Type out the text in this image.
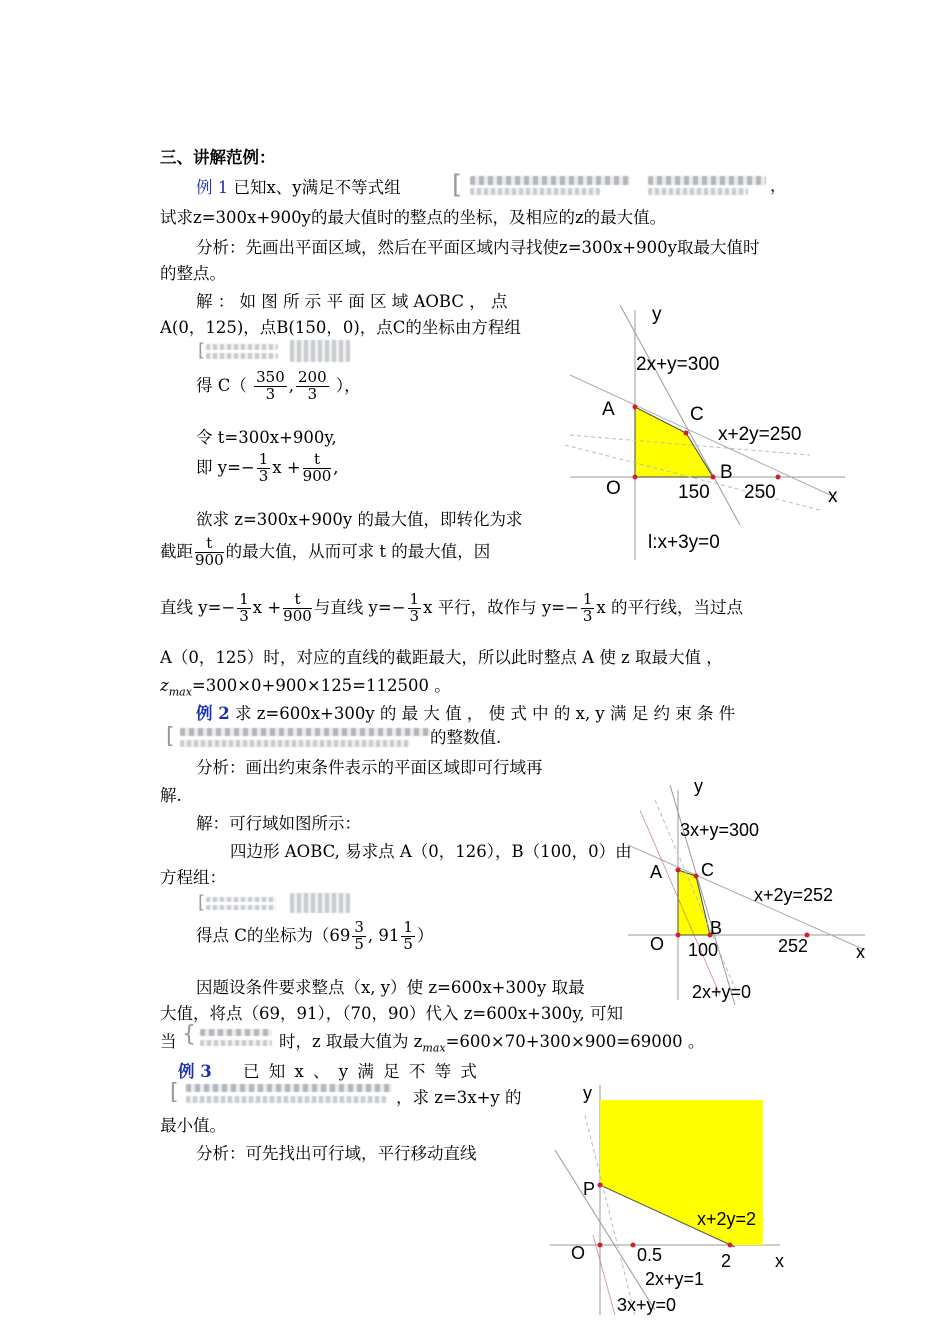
三、讲解范例：
例 1 已知x、y满足不等式组 [	，
试求z=300x+900y的最大值时的整点的坐标，及相应的z的最大值。
分析：先画出平面区域，然后在平面区域内寻找使z=300x+900y取最大值时
的整点。
解 ： 如 图 所 示 平 面 区 域 AOBC ， 点
A(0，125)，点B(150，0)，点C的坐标由方程组
[
得 $C( \frac{350}{3}$ , $\frac{200}{3}$ ），
令 t=300x+900y,
即 $y=- \frac{1}{3}$ $x + \frac{t}{900}$ ,
欲求 z=300x+900y 的最大值，即转化为求
截距 $\frac{t}{900}$ 的最大值，从而可求 t 的最大值，因
直线 $y=- \frac{1}{3}$ $x + \frac{t}{900}$ 与直线 $y=- \frac{1}{3}$ x 平行，故作与 $y=- \frac{1}{3}$ x 的平行线，当过点
A（0，125）时，对应的直线的截距最大，所以此时整点 A 使 z 取最大值 ，
$z_{max}=300\times 0+900\times 125=112500$ 。
y
2x+y=300
A	C
x+2y=250
B
O	150 250	x
l:x+3y=0
例 2 求 z=600x+300y 的 最 大 值 ， 使 式 中 的 x, y 满 足 约 束 条 件
[	的整数值.
分析：画出约束条件表示的平面区域即可行域再
解.
解：可行域如图所示：
四边形 AOBC, 易求点 A（0，126），B（100，0）由
方程组：
[
得点 C的坐标为（$69 \frac{3}{5}$ , $91 \frac{1}{5}$ ）
因题设条件要求整点（x, y）使 z=600x+300y 取最
大值，将点（69，91），（70，90）代入 z=600x+300y, 可知
当	时，z 取最大值为 $z_{max}=600\times 70+300\times 900=69000$ 。
{
y
3x+y=300
A C
x+2y=252
B
O 100	252	x
2x+y=0
例 3 已 知 x 、 y 满 足 不 等 式
[	，求 z=3x+y 的
最小值。
分析：可先找出可行域，平行移动直线
y
P
x+2y=2
O	0.5	2 x
2x+y=1
3x+y=0
